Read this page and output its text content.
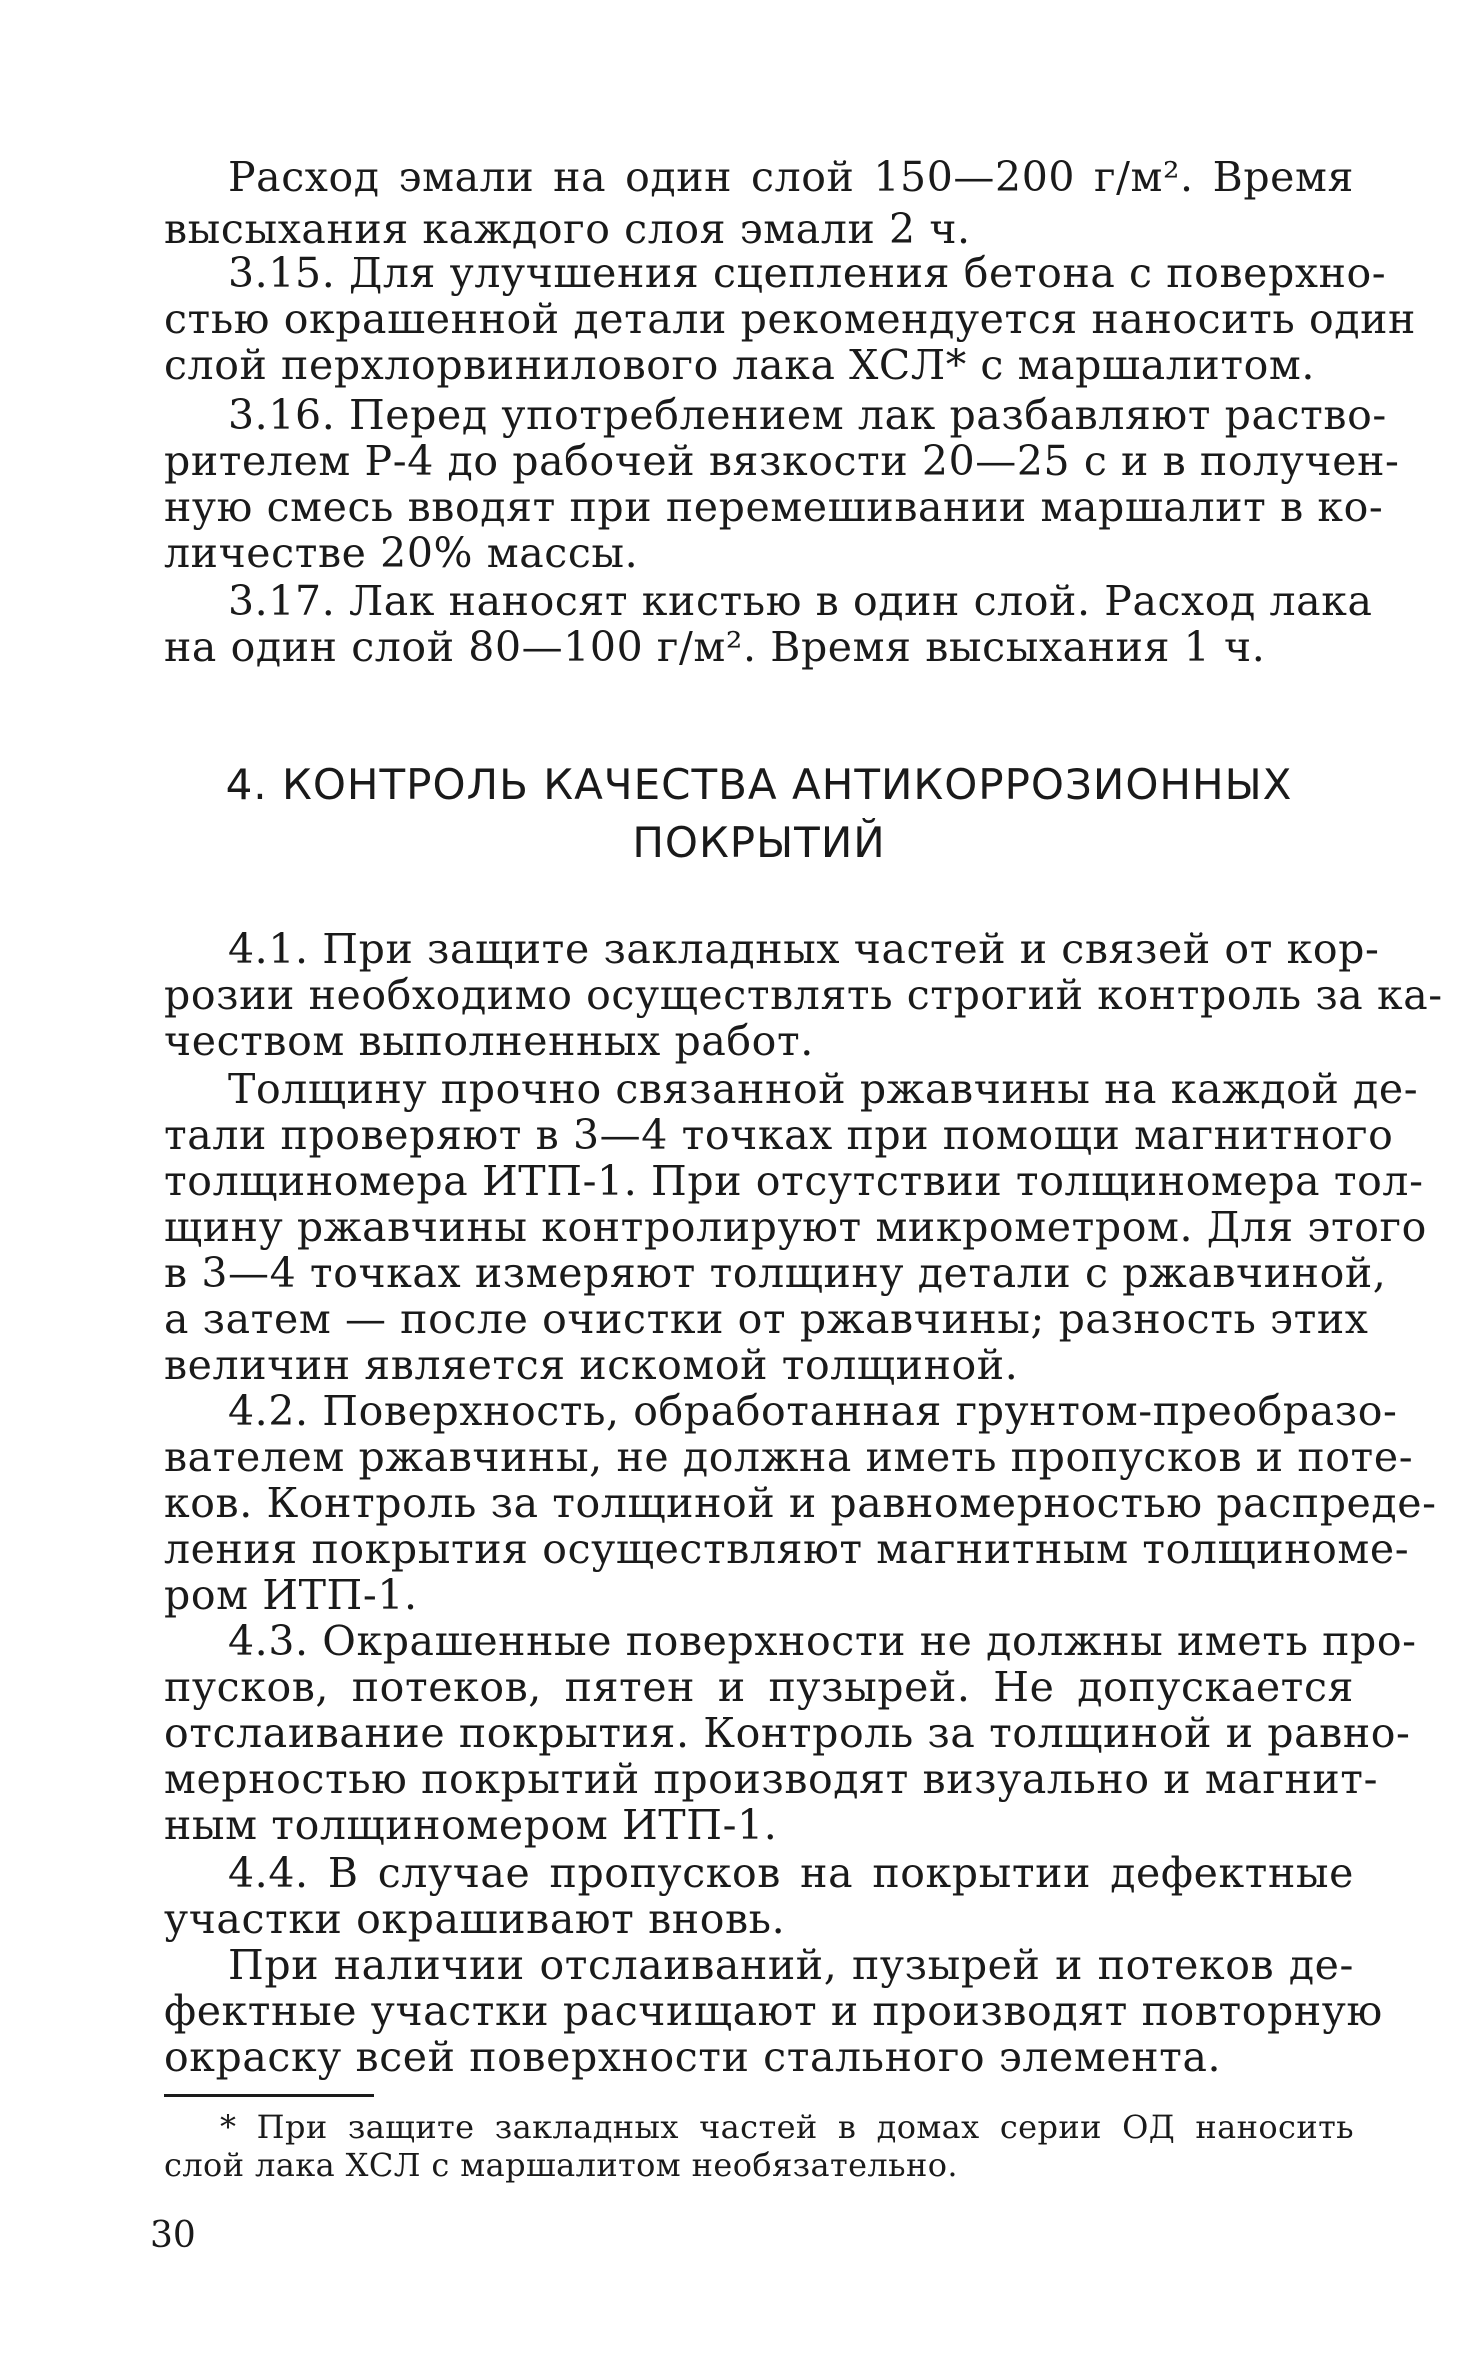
Расход эмали на один слой 150—200 г/м². Время
высыхания каждого слоя эмали 2 ч.
3.15. Для улучшения сцепления бетона с поверхно-
стью окрашенной детали рекомендуется наносить один
слой перхлорвинилового лака ХСЛ* с маршалитом.
3.16. Перед употреблением лак разбавляют раство-
рителем Р-4 до рабочей вязкости 20—25 с и в получен-
ную смесь вводят при перемешивании маршалит в ко-
личестве 20% массы.
3.17. Лак наносят кистью в один слой. Расход лака
на один слой 80—100 г/м². Время высыхания 1 ч.
4. КОНТРОЛЬ КАЧЕСТВА АНТИКОРРОЗИОННЫХ
ПОКРЫТИЙ
4.1. При защите закладных частей и связей от кор-
розии необходимо осуществлять строгий контроль за ка-
чеством выполненных работ.
Толщину прочно связанной ржавчины на каждой де-
тали проверяют в 3—4 точках при помощи магнитного
толщиномера ИТП-1. При отсутствии толщиномера тол-
щину ржавчины контролируют микрометром. Для этого
в 3—4 точках измеряют толщину детали с ржавчиной,
а затем — после очистки от ржавчины; разность этих
величин является искомой толщиной.
4.2. Поверхность, обработанная грунтом-преобразо-
вателем ржавчины, не должна иметь пропусков и поте-
ков. Контроль за толщиной и равномерностью распреде-
ления покрытия осуществляют магнитным толщиноме-
ром ИТП-1.
4.3. Окрашенные поверхности не должны иметь про-
пусков, потеков, пятен и пузырей. Не допускается
отслаивание покрытия. Контроль за толщиной и равно-
мерностью покрытий производят визуально и магнит-
ным толщиномером ИТП-1.
4.4. В случае пропусков на покрытии дефектные
участки окрашивают вновь.
При наличии отслаиваний, пузырей и потеков де-
фектные участки расчищают и производят повторную
окраску всей поверхности стального элемента.
* При защите закладных частей в домах серии ОД наносить
слой лака ХСЛ с маршалитом необязательно.
30
